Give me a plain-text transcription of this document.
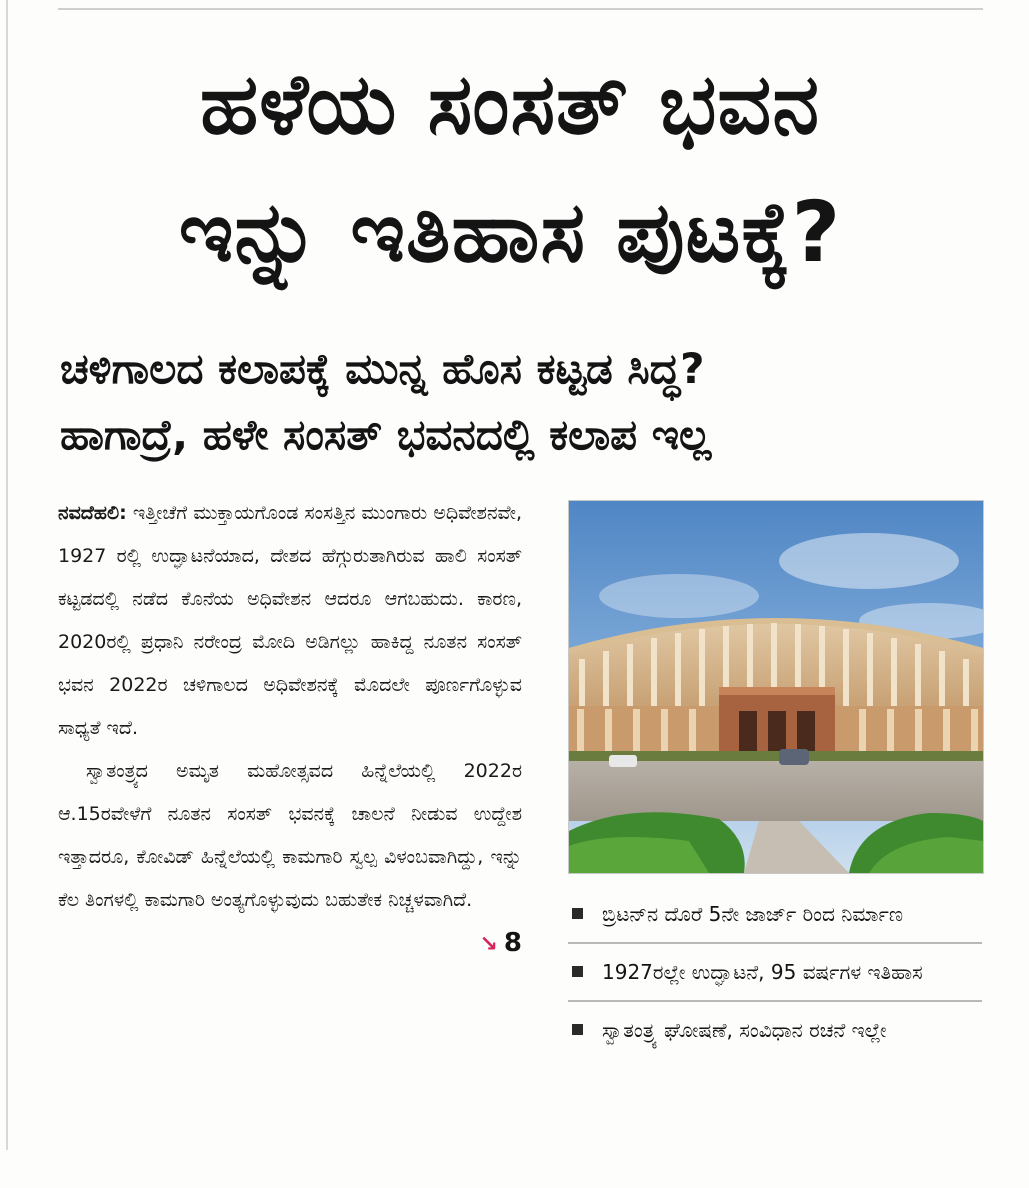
ಹಳೆಯ ಸಂಸತ್ ಭವನ
ಇನ್ನು ಇತಿಹಾಸ ಪುಟಕ್ಕೆ?
ಚಳಿಗಾಲದ ಕಲಾಪಕ್ಕೆ ಮುನ್ನ ಹೊಸ ಕಟ್ಟಡ ಸಿದ್ಧ?
ಹಾಗಾದ್ರೆ, ಹಳೇ ಸಂಸತ್ ಭವನದಲ್ಲಿ ಕಲಾಪ ಇಲ್ಲ

ನವದೆಹಲಿ: ಇತ್ತೀಚೆಗೆ ಮುಕ್ತಾಯಗೊಂಡ ಸಂಸತ್ತಿನ ಮುಂಗಾರು ಅಧಿವೇಶನವೇ, 1927 ರಲ್ಲಿ ಉದ್ಘಾಟನೆಯಾದ, ದೇಶದ ಹೆಗ್ಗುರುತಾಗಿರುವ ಹಾಲಿ ಸಂಸತ್ ಕಟ್ಟಡದಲ್ಲಿ ನಡೆದ ಕೊನೆಯ ಅಧಿವೇಶನ ಆದರೂ ಆಗಬಹುದು. ಕಾರಣ, 2020ರಲ್ಲಿ ಪ್ರಧಾನಿ ನರೇಂದ್ರ ಮೋದಿ ಅಡಿಗಲ್ಲು ಹಾಕಿದ್ದ ನೂತನ ಸಂಸತ್ ಭವನ 2022ರ ಚಳಿಗಾಲದ ಅಧಿವೇಶನಕ್ಕೆ ಮೊದಲೇ ಪೂರ್ಣಗೊಳ್ಳುವ ಸಾಧ್ಯತೆ ಇದೆ.

ಸ್ವಾತಂತ್ರ್ಯದ ಅಮೃತ ಮಹೋತ್ಸವದ ಹಿನ್ನೆಲೆಯಲ್ಲಿ 2022ರ ಆ.15ರವೇಳೆಗೆ ನೂತನ ಸಂಸತ್ ಭವನಕ್ಕೆ ಚಾಲನೆ ನೀಡುವ ಉದ್ದೇಶ ಇತ್ತಾದರೂ, ಕೋವಿಡ್ ಹಿನ್ನೆಲೆಯಲ್ಲಿ ಕಾಮಗಾರಿ ಸ್ವಲ್ಪ ವಿಳಂಬವಾಗಿದ್ದು, ಇನ್ನು ಕೆಲ ತಿಂಗಳಲ್ಲಿ ಕಾಮಗಾರಿ ಅಂತ್ಯಗೊಳ್ಳುವುದು ಬಹುತೇಕ ನಿಚ್ಚಳವಾಗಿದೆ.
↘ 8

ಬ್ರಿಟನ್‌ನ ದೊರೆ 5ನೇ ಜಾರ್ಜ್ ರಿಂದ ನಿರ್ಮಾಣ
1927ರಲ್ಲೇ ಉದ್ಘಾಟನೆ, 95 ವರ್ಷಗಳ ಇತಿಹಾಸ
ಸ್ವಾತಂತ್ರ್ಯ ಘೋಷಣೆ, ಸಂವಿಧಾನ ರಚನೆ ಇಲ್ಲೇ
